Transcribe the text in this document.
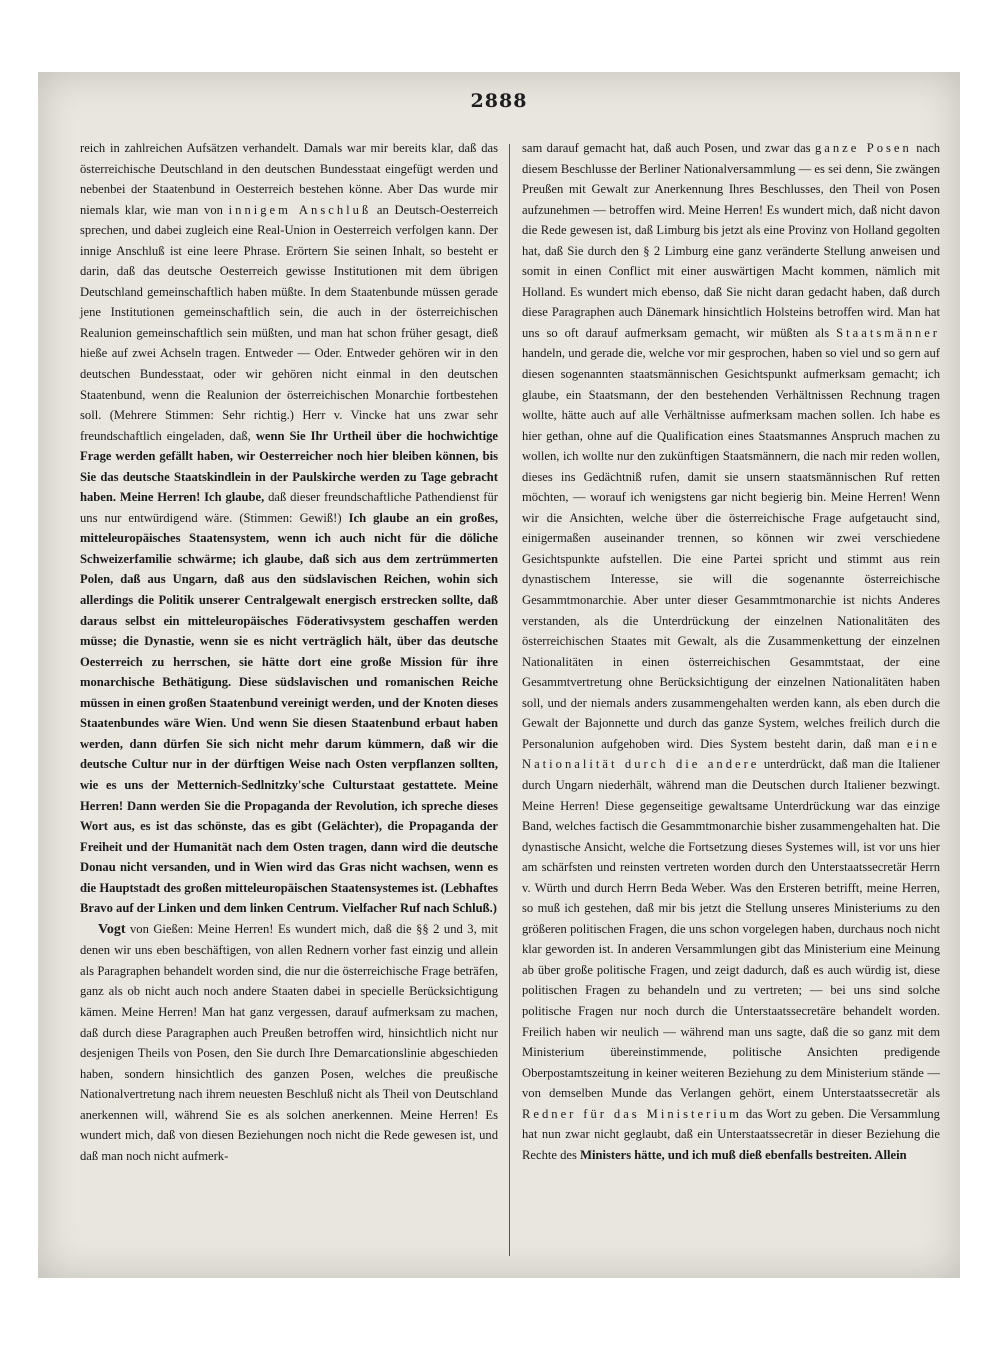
2888

reich in zahlreichen Aufsätzen verhandelt. Damals war mir bereits klar, daß das österreichische Deutschland in den deutschen Bundesstaat eingefügt werden und nebenbei der Staatenbund in Oesterreich bestehen könne. Aber Das wurde mir niemals klar, wie man von innigem Anschluß an Deutsch-Oesterreich sprechen, und dabei zugleich eine Real-Union in Oesterreich verfolgen kann. Der innige Anschluß ist eine leere Phrase. Erörtern Sie seinen Inhalt, so besteht er darin, daß das deutsche Oesterreich gewisse Institutionen mit dem übrigen Deutschland gemeinschaftlich haben müßte. In dem Staatenbunde müssen gerade jene Institutionen gemeinschaftlich sein, die auch in der österreichischen Realunion gemeinschaftlich sein müßten, und man hat schon früher gesagt, dieß hieße auf zwei Achseln tragen. Entweder — Oder. Entweder gehören wir in den deutschen Bundesstaat, oder wir gehören nicht einmal in den deutschen Staatenbund, wenn die Realunion der österreichischen Monarchie fortbestehen soll. (Mehrere Stimmen: Sehr richtig.) Herr v. Vincke hat uns zwar sehr freundschaftlich eingeladen, daß, wenn Sie Ihr Urtheil über die hochwichtige Frage werden gefällt haben, wir Oesterreicher noch hier bleiben können, bis Sie das deutsche Staatskindlein in der Paulskirche werden zu Tage gebracht haben. Meine Herren! Ich glaube, daß dieser freundschaftliche Pathendienst für uns nur entwürdigend wäre. (Stimmen: Gewiß!) Ich glaube an ein großes, mitteleuropäisches Staatensystem, wenn ich auch nicht für die döliche Schweizerfamilie schwärme; ich glaube, daß sich aus dem zertrümmerten Polen, daß aus Ungarn, daß aus den südslavischen Reichen, wohin sich allerdings die Politik unserer Centralgewalt energisch erstrecken sollte, daß daraus selbst ein mitteleuropäisches Föderativsystem geschaffen werden müsse; die Dynastie, wenn sie es nicht verträglich hält, über das deutsche Oesterreich zu herrschen, sie hätte dort eine große Mission für ihre monarchische Bethätigung. Diese südslavischen und romanischen Reiche müssen in einen großen Staatenbund vereinigt werden, und der Knoten dieses Staatenbundes wäre Wien. Und wenn Sie diesen Staatenbund erbaut haben werden, dann dürfen Sie sich nicht mehr darum kümmern, daß wir die deutsche Cultur nur in der dürftigen Weise nach Osten verpflanzen sollten, wie es uns der Metternich-Sedlnitzky'sche Culturstaat gestattete. Meine Herren! Dann werden Sie die Propaganda der Revolution, ich spreche dieses Wort aus, es ist das schönste, das es gibt (Gelächter), die Propaganda der Freiheit und der Humanität nach dem Osten tragen, dann wird die deutsche Donau nicht versanden, und in Wien wird das Gras nicht wachsen, wenn es die Hauptstadt des großen mitteleuropäischen Staatensystemes ist. (Lebhaftes Bravo auf der Linken und dem linken Centrum. Vielfacher Ruf nach Schluß.)

Vogt von Gießen: Meine Herren! Es wundert mich, daß die §§ 2 und 3, mit denen wir uns eben beschäftigen, von allen Rednern vorher fast einzig und allein als Paragraphen behandelt worden sind, die nur die österreichische Frage beträfen, ganz als ob nicht auch noch andere Staaten dabei in specielle Berücksichtigung kämen. Meine Herren! Man hat ganz vergessen, darauf aufmerksam zu machen, daß durch diese Paragraphen auch Preußen betroffen wird, hinsichtlich nicht nur desjenigen Theils von Posen, den Sie durch Ihre Demarcationslinie abgeschieden haben, sondern hinsichtlich des ganzen Posen, welches die preußische Nationalvertretung nach ihrem neuesten Beschluß nicht als Theil von Deutschland anerkennen will, während Sie es als solchen anerkennen. Meine Herren! Es wundert mich, daß von diesen Beziehungen noch nicht die Rede gewesen ist, und daß man noch nicht aufmerk-

sam darauf gemacht hat, daß auch Posen, und zwar das ganze Posen nach diesem Beschlusse der Berliner Nationalversammlung — es sei denn, Sie zwängen Preußen mit Gewalt zur Anerkennung Ihres Beschlusses, den Theil von Posen aufzunehmen — betroffen wird. Meine Herren! Es wundert mich, daß nicht davon die Rede gewesen ist, daß Limburg bis jetzt als eine Provinz von Holland gegolten hat, daß Sie durch den § 2 Limburg eine ganz veränderte Stellung anweisen und somit in einen Conflict mit einer auswärtigen Macht kommen, nämlich mit Holland. Es wundert mich ebenso, daß Sie nicht daran gedacht haben, daß durch diese Paragraphen auch Dänemark hinsichtlich Holsteins betroffen wird. Man hat uns so oft darauf aufmerksam gemacht, wir müßten als Staatsmänner handeln, und gerade die, welche vor mir gesprochen, haben so viel und so gern auf diesen sogenannten staatsmännischen Gesichtspunkt aufmerksam gemacht; ich glaube, ein Staatsmann, der den bestehenden Verhältnissen Rechnung tragen wollte, hätte auch auf alle Verhältnisse aufmerksam machen sollen. Ich habe es hier gethan, ohne auf die Qualification eines Staatsmannes Anspruch machen zu wollen, ich wollte nur den zukünftigen Staatsmännern, die nach mir reden wollen, dieses ins Gedächtniß rufen, damit sie unsern staatsmännischen Ruf retten möchten, — worauf ich wenigstens gar nicht begierig bin. Meine Herren! Wenn wir die Ansichten, welche über die österreichische Frage aufgetaucht sind, einigermaßen auseinander trennen, so können wir zwei verschiedene Gesichtspunkte aufstellen. Die eine Partei spricht und stimmt aus rein dynastischem Interesse, sie will die sogenannte österreichische Gesammtmonarchie. Aber unter dieser Gesammtmonarchie ist nichts Anderes verstanden, als die Unterdrückung der einzelnen Nationalitäten des österreichischen Staates mit Gewalt, als die Zusammenkettung der einzelnen Nationalitäten in einen österreichischen Gesammtstaat, der eine Gesammtvertretung ohne Berücksichtigung der einzelnen Nationalitäten haben soll, und der niemals anders zusammengehalten werden kann, als eben durch die Gewalt der Bajonnette und durch das ganze System, welches freilich durch die Personalunion aufgehoben wird. Dies System besteht darin, daß man eine Nationalität durch die andere unterdrückt, daß man die Italiener durch Ungarn niederhält, während man die Deutschen durch Italiener bezwingt. Meine Herren! Diese gegenseitige gewaltsame Unterdrückung war das einzige Band, welches factisch die Gesammtmonarchie bisher zusammengehalten hat. Die dynastische Ansicht, welche die Fortsetzung dieses Systemes will, ist vor uns hier am schärfsten und reinsten vertreten worden durch den Unterstaatssecretär Herrn v. Würth und durch Herrn Beda Weber. Was den Ersteren betrifft, meine Herren, so muß ich gestehen, daß mir bis jetzt die Stellung unseres Ministeriums zu den größeren politischen Fragen, die uns schon vorgelegen haben, durchaus noch nicht klar geworden ist. In anderen Versammlungen gibt das Ministerium eine Meinung ab über große politische Fragen, und zeigt dadurch, daß es auch würdig ist, diese politischen Fragen zu behandeln und zu vertreten; — bei uns sind solche politische Fragen nur noch durch die Unterstaatssecretäre behandelt worden. Freilich haben wir neulich — während man uns sagte, daß die so ganz mit dem Ministerium übereinstimmende, politische Ansichten predigende Oberpostamtszeitung in keiner weiteren Beziehung zu dem Ministerium stände — von demselben Munde das Verlangen gehört, einem Unterstaatssecretär als Redner für das Ministerium das Wort zu geben. Die Versammlung hat nun zwar nicht geglaubt, daß ein Unterstaatssecretär in dieser Beziehung die Rechte des Ministers hätte, und ich muß dieß ebenfalls bestreiten. Allein
